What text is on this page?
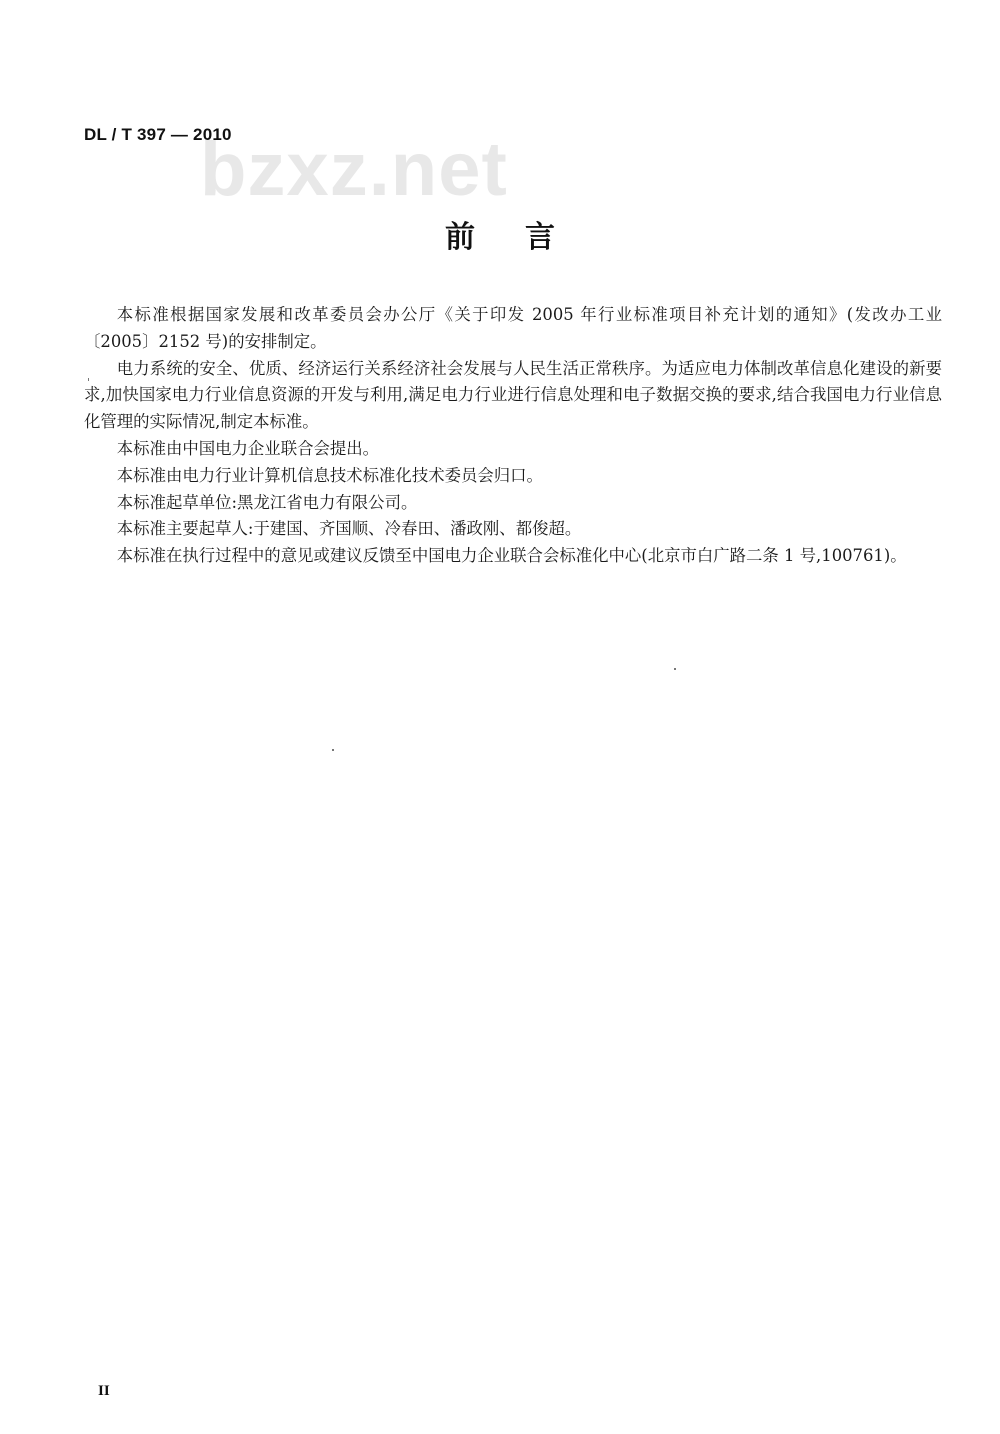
DL / T 397 — 2010
bzxz.net
前言

本标准根据国家发展和改革委员会办公厅《关于印发 2005 年行业标准项目补充计划的通知》(发改办工业〔2005〕2152 号)的安排制定。

电力系统的安全、优质、经济运行关系经济社会发展与人民生活正常秩序。为适应电力体制改革信息化建设的新要求,加快国家电力行业信息资源的开发与利用,满足电力行业进行信息处理和电子数据交换的要求,结合我国电力行业信息化管理的实际情况,制定本标准。

本标准由中国电力企业联合会提出。

本标准由电力行业计算机信息技术标准化技术委员会归口。

本标准起草单位:黑龙江省电力有限公司。

本标准主要起草人:于建国、齐国顺、冷春田、潘政刚、都俊超。

本标准在执行过程中的意见或建议反馈至中国电力企业联合会标准化中心(北京市白广路二条 1 号,100761)。

II
